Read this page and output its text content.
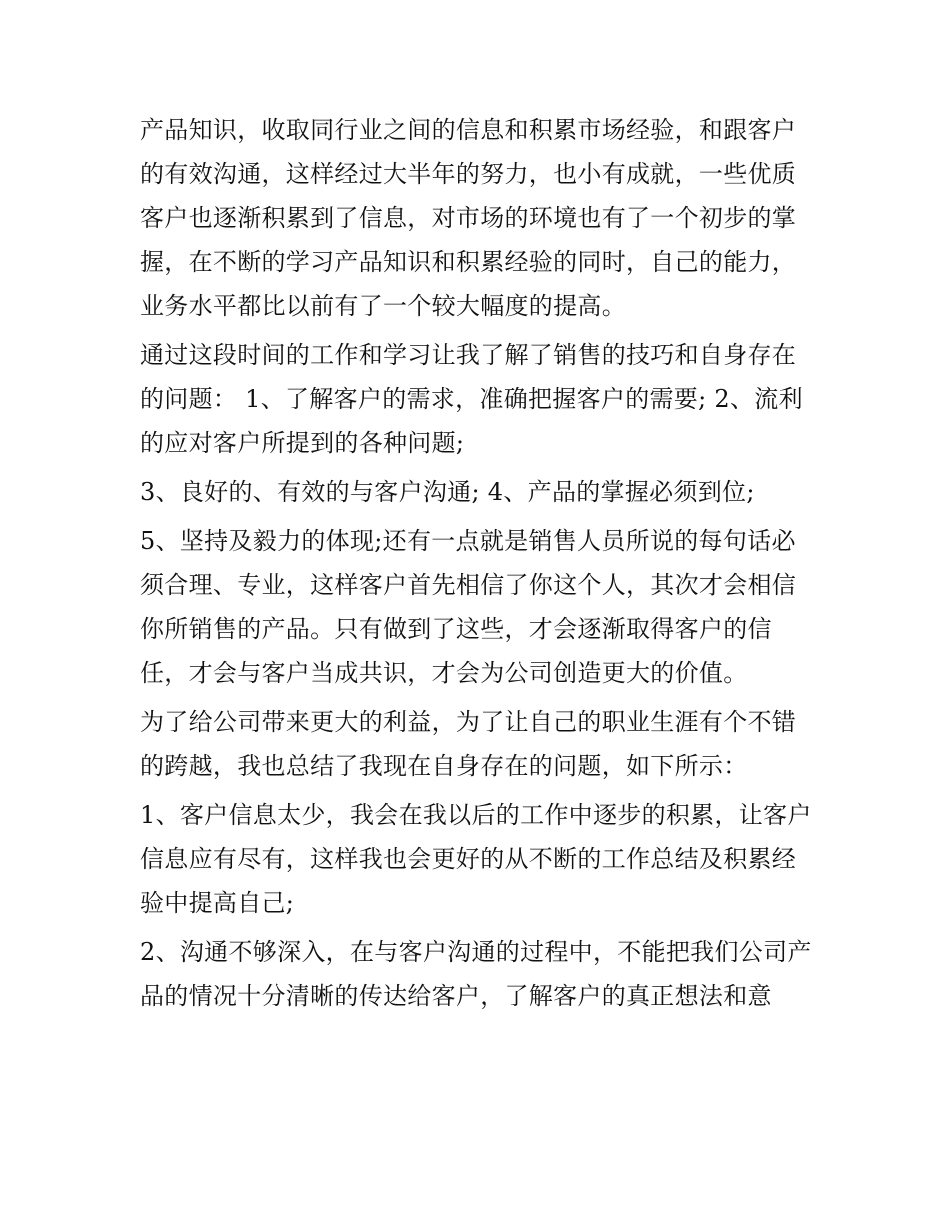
产品知识，收取同行业之间的信息和积累市场经验，和跟客户的有效沟通，这样经过大半年的努力，也小有成就，一些优质客户也逐渐积累到了信息，对市场的环境也有了一个初步的掌握，在不断的学习产品知识和积累经验的同时，自己的能力，业务水平都比以前有了一个较大幅度的提高。

通过这段时间的工作和学习让我了解了销售的技巧和自身存在的问题： 1、了解客户的需求，准确把握客户的需要; 2、流利的应对客户所提到的各种问题;

3、良好的、有效的与客户沟通; 4、产品的掌握必须到位;

5、坚持及毅力的体现;还有一点就是销售人员所说的每句话必须合理、专业，这样客户首先相信了你这个人，其次才会相信你所销售的产品。只有做到了这些，才会逐渐取得客户的信任，才会与客户当成共识，才会为公司创造更大的价值。

为了给公司带来更大的利益，为了让自己的职业生涯有个不错的跨越，我也总结了我现在自身存在的问题，如下所示：

1、客户信息太少，我会在我以后的工作中逐步的积累，让客户信息应有尽有，这样我也会更好的从不断的工作总结及积累经验中提高自己;

2、沟通不够深入，在与客户沟通的过程中，不能把我们公司产品的情况十分清晰的传达给客户，了解客户的真正想法和意
